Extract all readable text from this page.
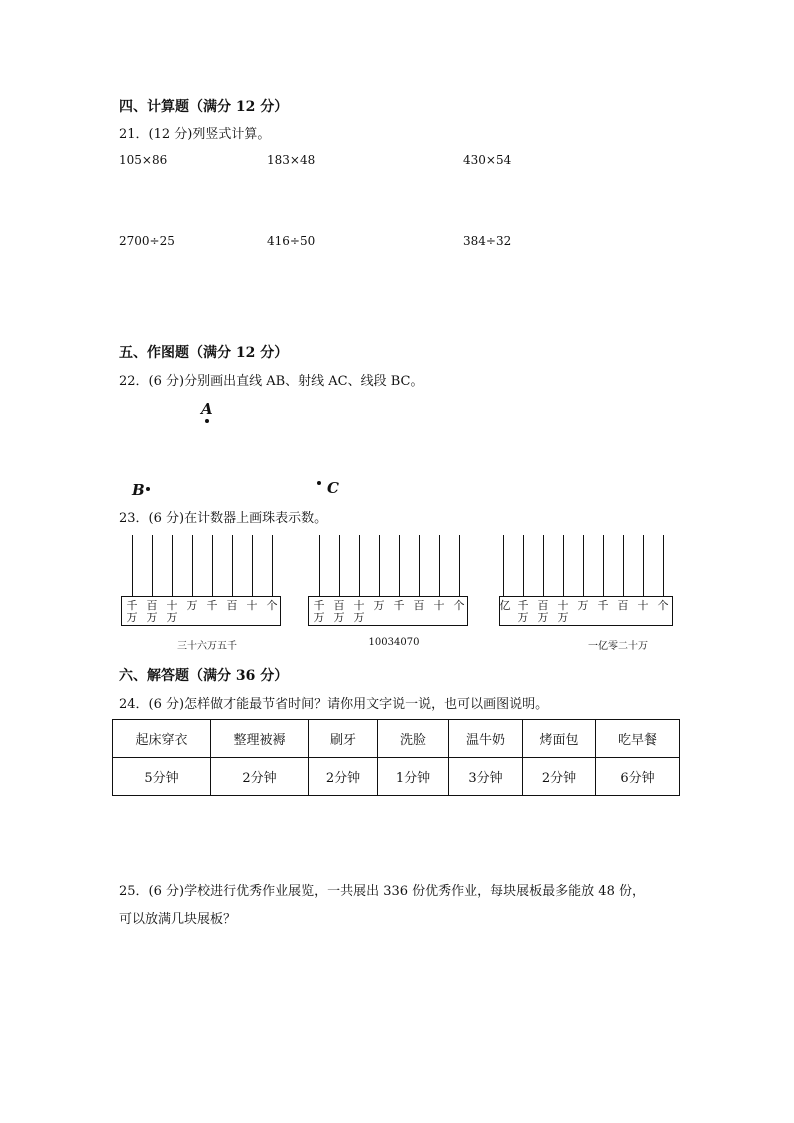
四、计算题（满分 12 分）
21．(12 分)列竖式计算。
105×86	183×48	430×54
2700÷25	416÷50	384÷32
五、作图题（满分 12 分）
22．(6 分)分别画出直线 AB、射线 AC、线段 BC。
A
B	C
23．(6 分)在计数器上画珠表示数。
千
万
百
万
十
万
万 千 百 十 个
三十六万五千
千
万
百
万
十
万
万 千 百 十 个
10034070
亿 千
万
百
万
十
万
万 千 百 十 个
一亿零二十万
六、解答题（满分 36 分）
24．(6 分)怎样做才能最节省时间？请你用文字说一说，也可以画图说明。
起床穿衣	整理被褥	刷牙	洗脸	温牛奶	烤面包	吃早餐
5分钟	2分钟	2分钟	1分钟	3分钟	2分钟	6分钟
25．(6 分)学校进行优秀作业展览，一共展出 336 份优秀作业，每块展板最多能放 48 份，
可以放满几块展板？
